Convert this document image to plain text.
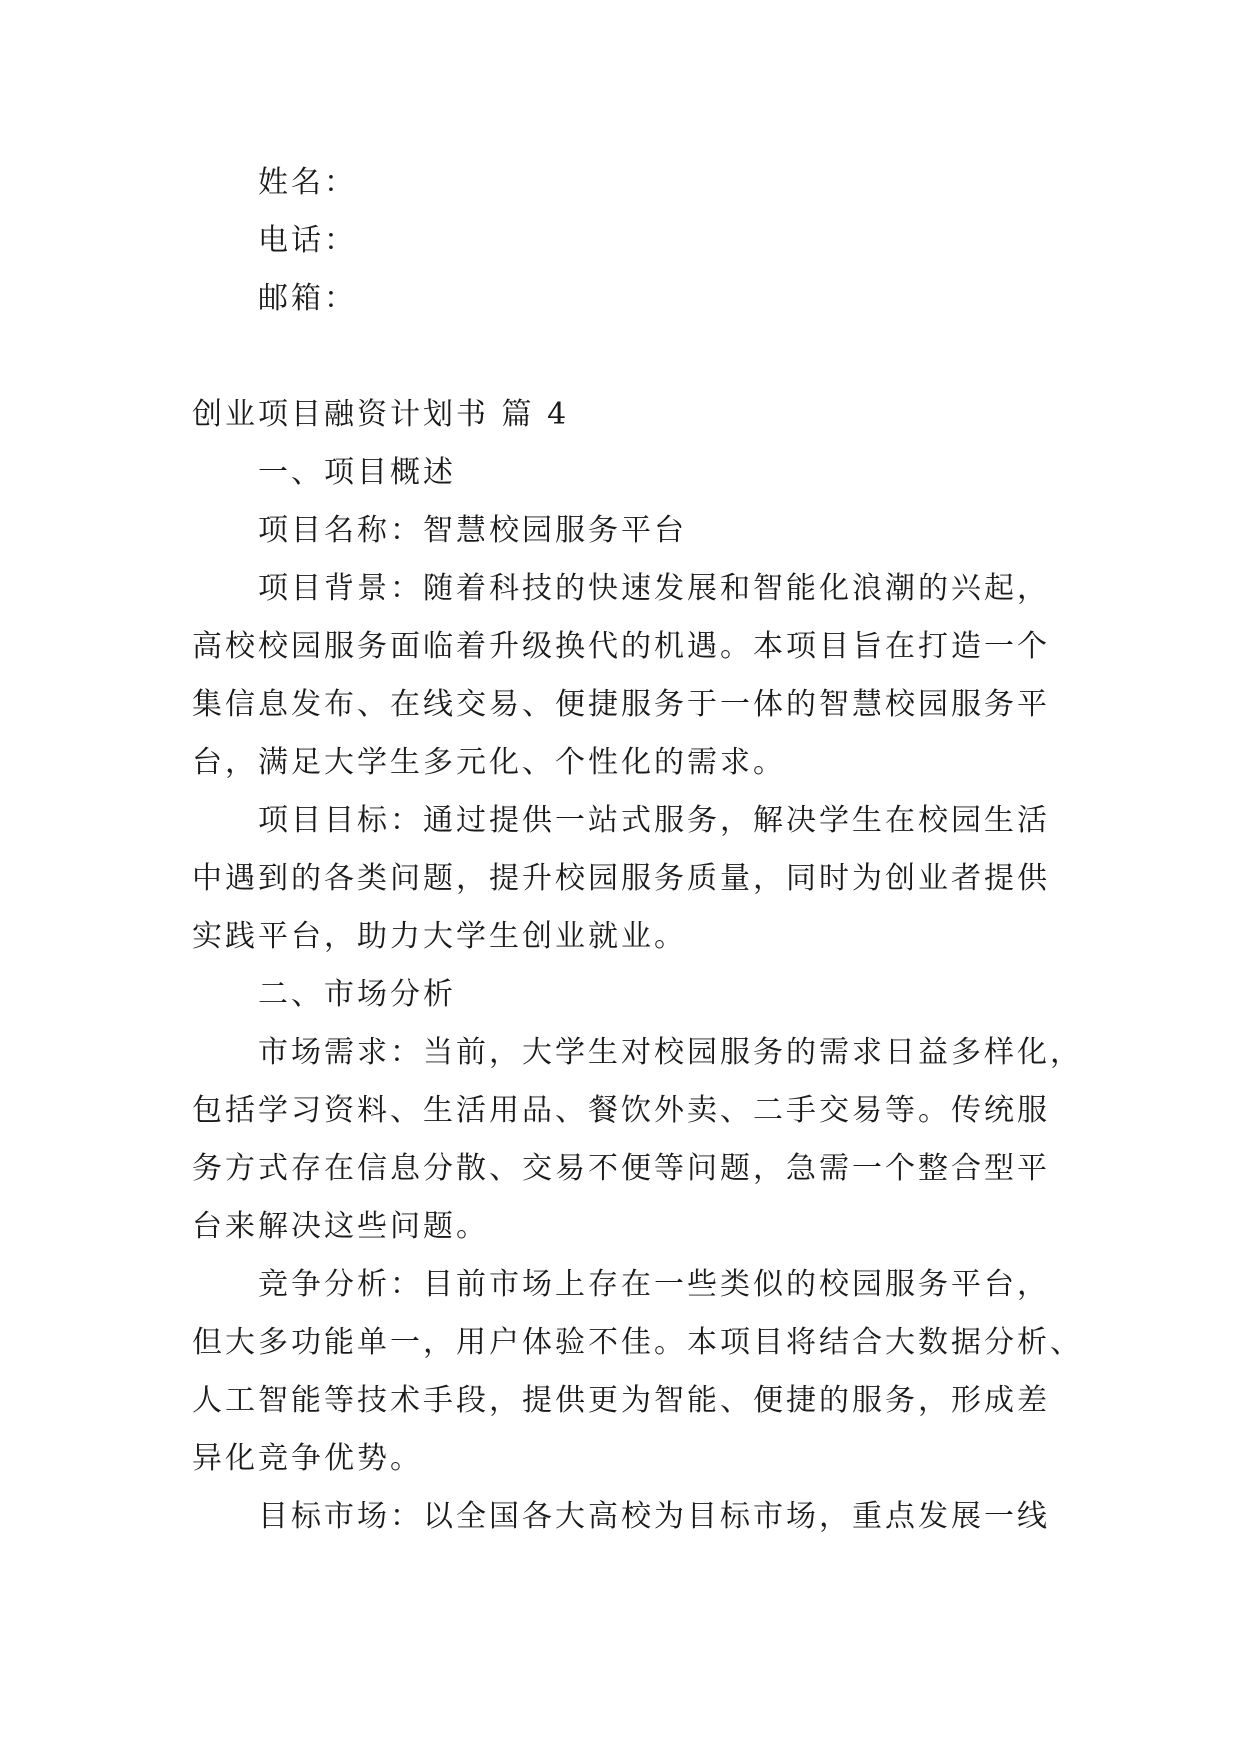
姓名：
电话：
邮箱：
创业项目融资计划书 篇 4
一、项目概述
项目名称：智慧校园服务平台
项目背景：随着科技的快速发展和智能化浪潮的兴起，
高校校园服务面临着升级换代的机遇。本项目旨在打造一个
集信息发布、在线交易、便捷服务于一体的智慧校园服务平
台，满足大学生多元化、个性化的需求。
项目目标：通过提供一站式服务，解决学生在校园生活
中遇到的各类问题，提升校园服务质量，同时为创业者提供
实践平台，助力大学生创业就业。
二、市场分析
市场需求：当前，大学生对校园服务的需求日益多样化，
包括学习资料、生活用品、餐饮外卖、二手交易等。传统服
务方式存在信息分散、交易不便等问题，急需一个整合型平
台来解决这些问题。
竞争分析：目前市场上存在一些类似的校园服务平台，
但大多功能单一，用户体验不佳。本项目将结合大数据分析、
人工智能等技术手段，提供更为智能、便捷的服务，形成差
异化竞争优势。
目标市场：以全国各大高校为目标市场，重点发展一线
